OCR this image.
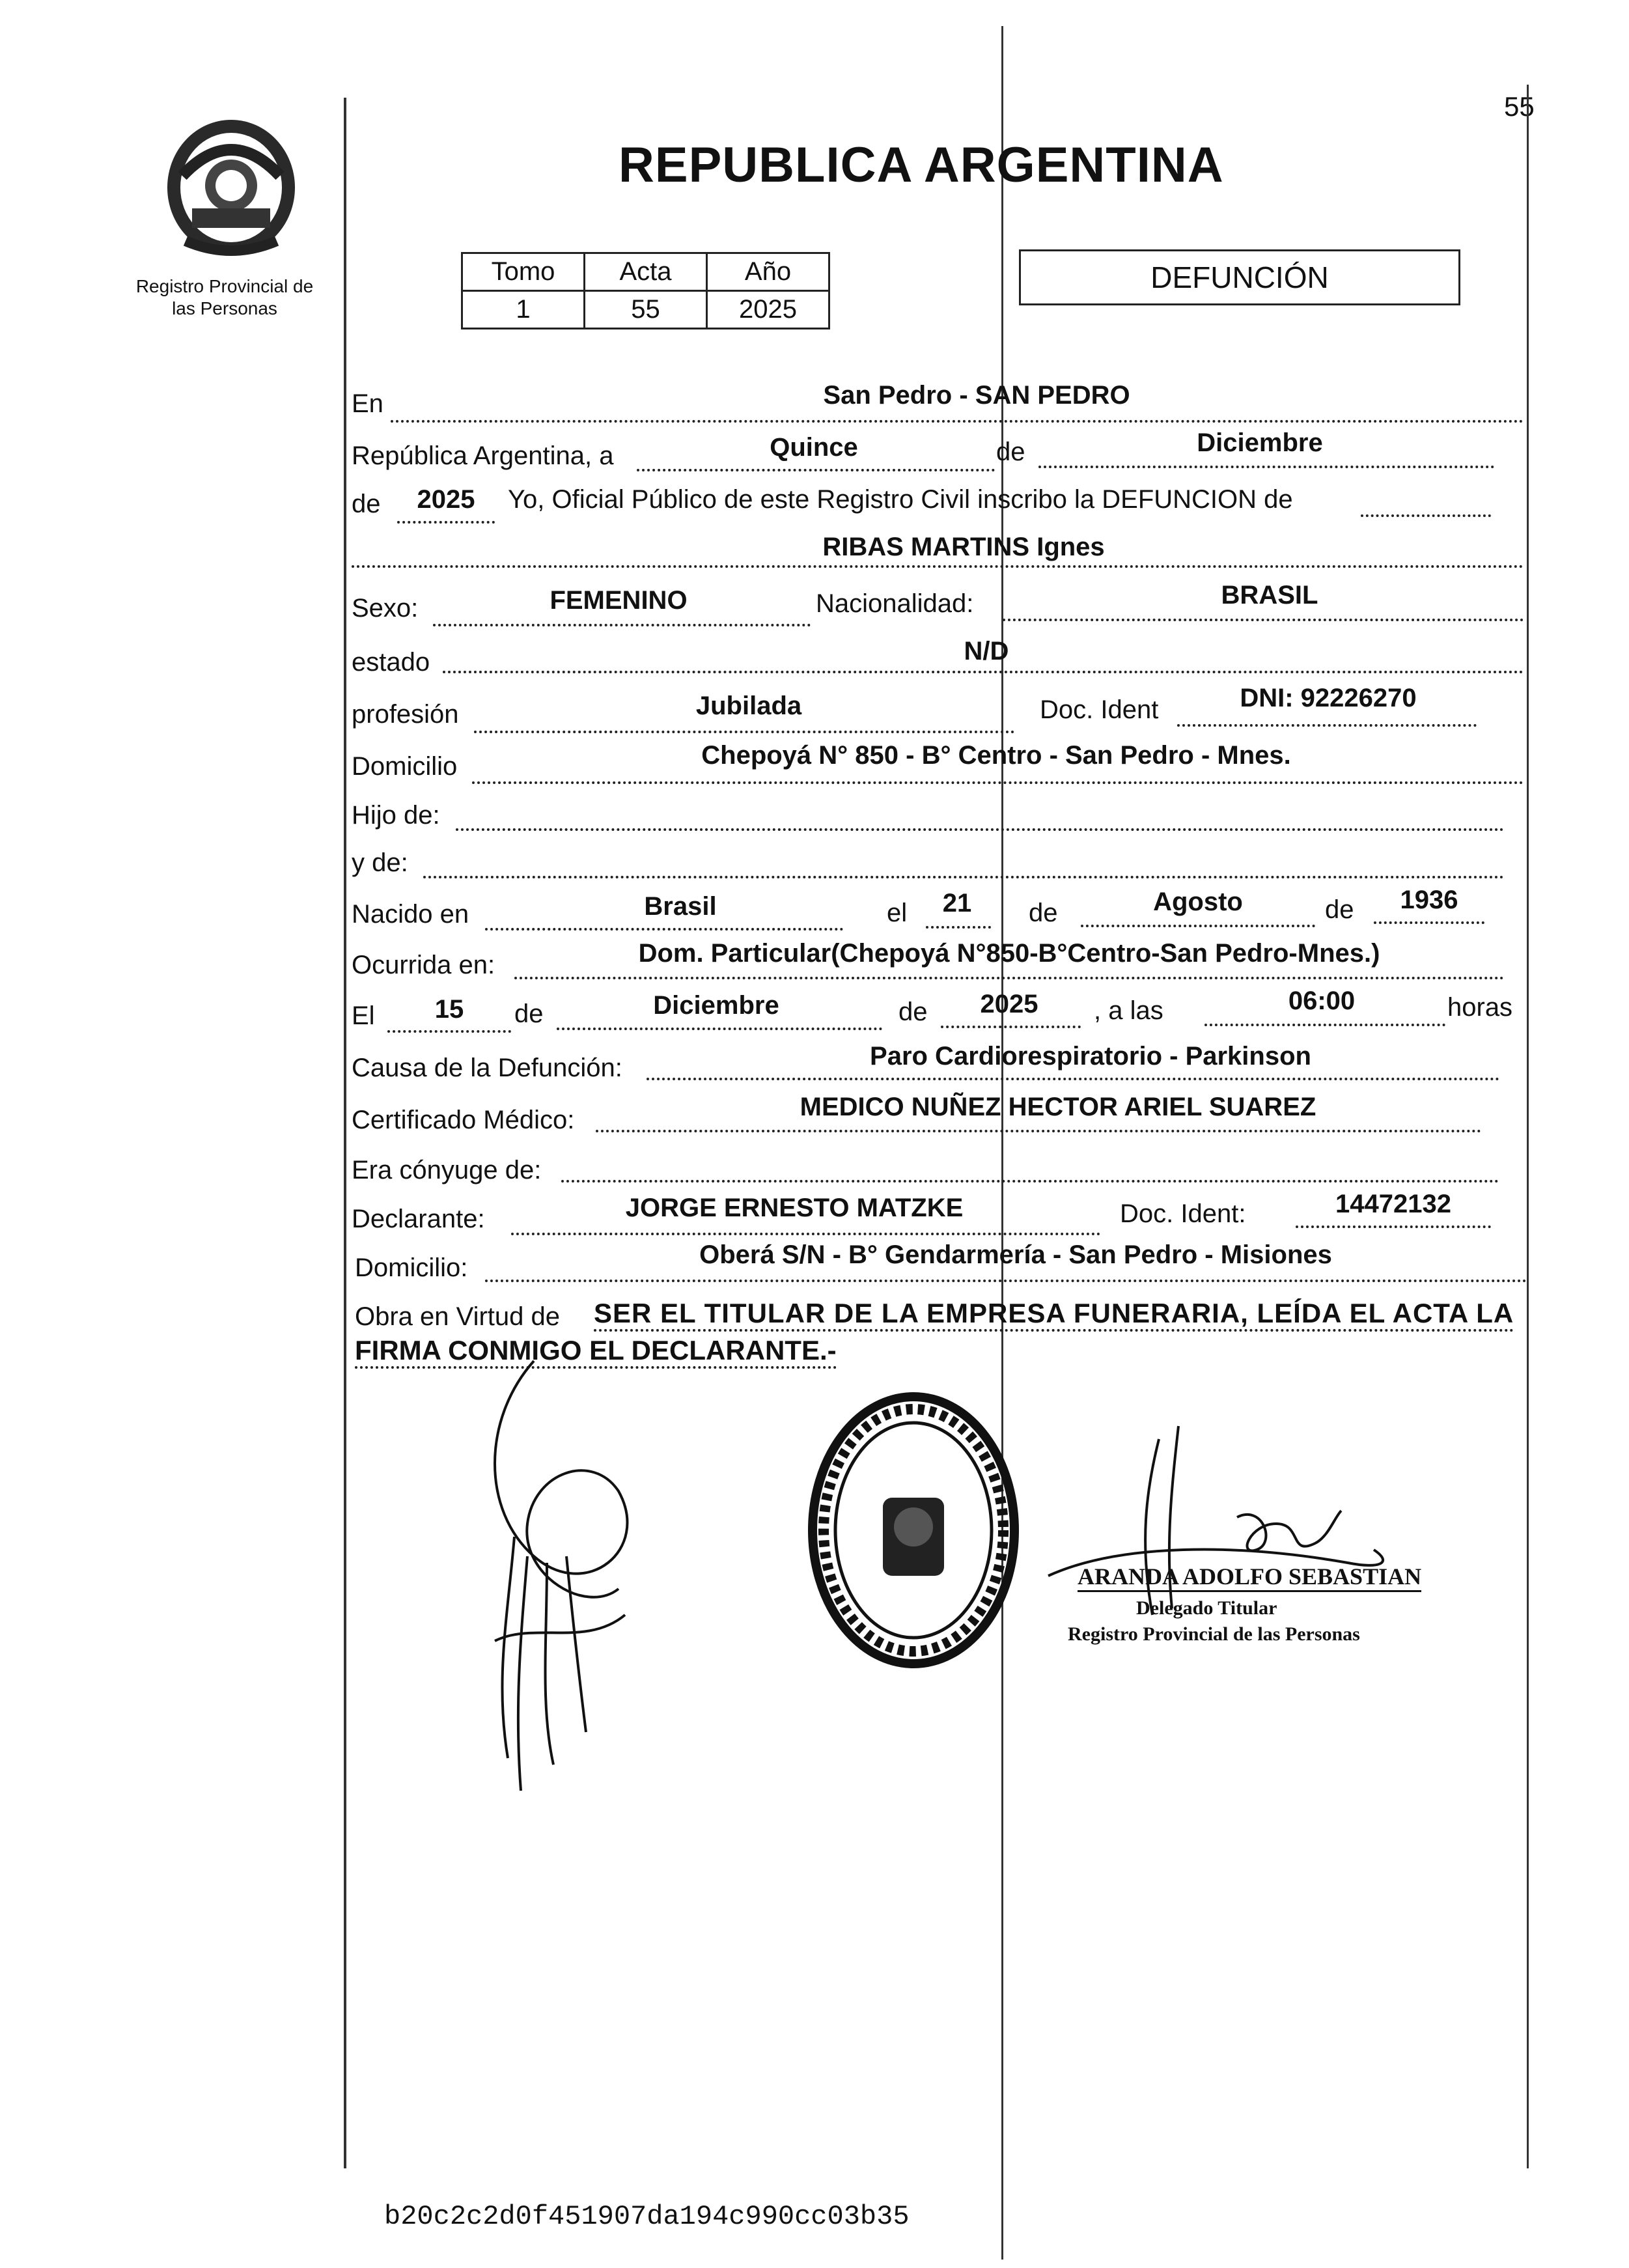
55
Registro Provincial de
las Personas
REPUBLICA ARGENTINA
Tomo	Acta	Año
1	55	2025
DEFUNCIÓN
En	San Pedro - SAN PEDRO
República Argentina, a	Quince	de	Diciembre
de	2025	Yo, Oficial Público de este Registro Civil inscribo la DEFUNCION de
RIBAS MARTINS Ignes
Sexo:	FEMENINO	Nacionalidad:	BRASIL
estado	N/D
profesión	Jubilada	Doc. Ident	DNI: 92226270
Domicilio	Chepoyá N° 850 - B° Centro - San Pedro - Mnes.
Hijo de:
y de:
Nacido en	Brasil	el	21	de	Agosto	de	1936
Ocurrida en:	Dom. Particular(Chepoyá N°850-B°Centro-San Pedro-Mnes.)
El	15	de	Diciembre	de	2025	, a las	06:00	horas
Causa de la Defunción:	Paro Cardiorespiratorio - Parkinson
Certificado Médico:	MEDICO NUÑEZ HECTOR ARIEL SUAREZ
Era cónyuge de:
Declarante:	JORGE ERNESTO MATZKE	Doc. Ident:	14472132
Domicilio:	Oberá S/N - B° Gendarmería - San Pedro - Misiones
Obra en Virtud de SER EL TITULAR DE LA EMPRESA FUNERARIA, LEÍDA EL ACTA LA
FIRMA CONMIGO EL DECLARANTE.-
ARANDA ADOLFO SEBASTIAN
Delegado Titular
Registro Provincial de las Personas
b20c2c2d0f451907da194c990cc03b35
